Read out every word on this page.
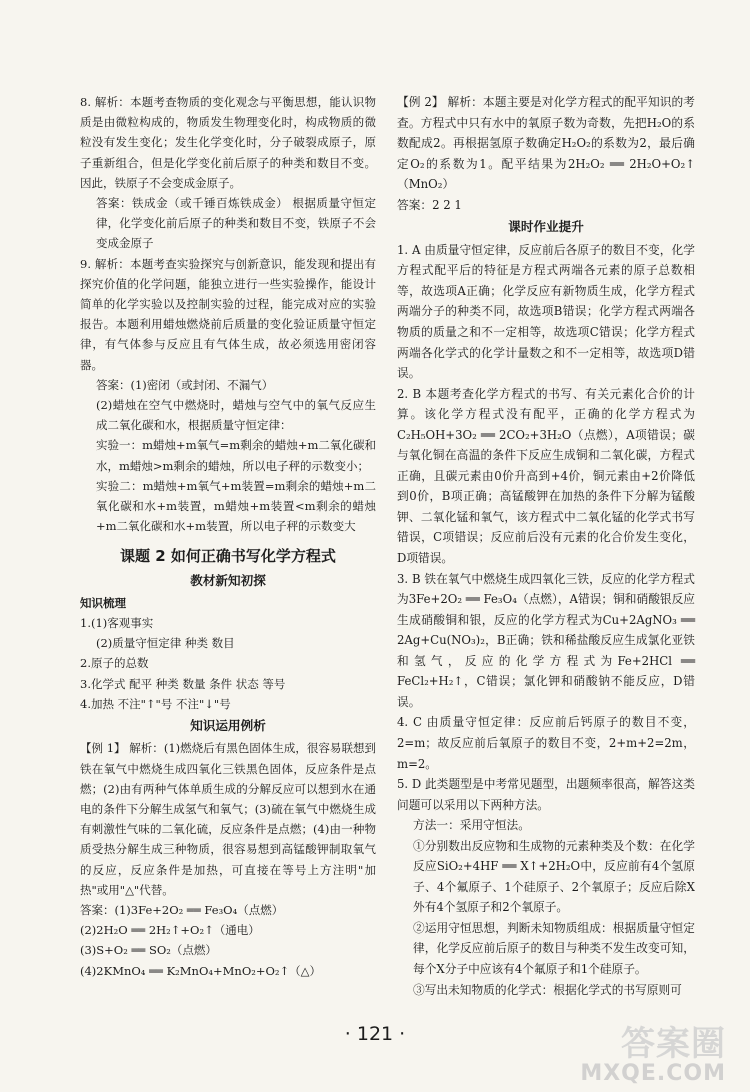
8. 解析：本题考查物质的变化观念与平衡思想，能认识物质是由微粒构成的，物质发生物理变化时，构成物质的微粒没有发生变化；发生化学变化时，分子破裂成原子，原子重新组合，但是化学变化前后原子的种类和数目不变。因此，铁原子不会变成金原子。
答案：铁成金（或千锤百炼铁成金） 根据质量守恒定律，化学变化前后原子的种类和数目不变，铁原子不会变成金原子
9. 解析：本题考查实验探究与创新意识，能发现和提出有探究价值的化学问题，能独立进行一些实验操作，能设计简单的化学实验以及控制实验的过程，能完成对应的实验报告。本题利用蜡烛燃烧前后质量的变化验证质量守恒定律，有气体参与反应且有气体生成，故必须选用密闭容器。
答案：(1)密闭（或封闭、不漏气）
(2)蜡烛在空气中燃烧时，蜡烛与空气中的氧气反应生成二氧化碳和水，根据质量守恒定律：
实验一：m蜡烛+m氧气=m剩余的蜡烛+m二氧化碳和水，m蜡烛>m剩余的蜡烛，所以电子秤的示数变小；
实验二：m蜡烛+m氧气+m装置=m剩余的蜡烛+m二氧化碳和水+m装置，m蜡烛+m装置<m剩余的蜡烛+m二氧化碳和水+m装置，所以电子秤的示数变大
课题 2 如何正确书写化学方程式
教材新知初探
知识梳理
1.(1)客观事实
(2)质量守恒定律 种类 数目
2.原子的总数
3.化学式 配平 种类 数量 条件 状态 等号
4.加热 不注"↑"号 不注"↓"号
知识运用例析
【例 1】 解析：(1)燃烧后有黑色固体生成，很容易联想到铁在氧气中燃烧生成四氧化三铁黑色固体，反应条件是点燃；(2)由有两种气体单质生成的分解反应可以想到水在通电的条件下分解生成氢气和氧气；(3)硫在氧气中燃烧生成有刺激性气味的二氧化硫，反应条件是点燃；(4)由一种物质受热分解生成三种物质，很容易想到高锰酸钾制取氧气的反应，反应条件是加热，可直接在等号上方注明"加热"或用"△"代替。
答案：(1)3Fe+2O₂ ══ Fe₃O₄（点燃）
(2)2H₂O ══ 2H₂↑+O₂↑（通电）
(3)S+O₂ ══ SO₂（点燃）
(4)2KMnO₄ ══ K₂MnO₄+MnO₂+O₂↑（△）
【例 2】 解析：本题主要是对化学方程式的配平知识的考查。方程式中只有水中的氧原子数为奇数，先把H₂O的系数配成2。再根据氢原子数确定H₂O₂的系数为2，最后确定O₂的系数为1。配平结果为2H₂O₂ ══ 2H₂O+O₂↑（MnO₂）
答案：2 2 1
课时作业提升
1. A 由质量守恒定律，反应前后各原子的数目不变，化学方程式配平后的特征是方程式两端各元素的原子总数相等，故选项A正确；化学反应有新物质生成，化学方程式两端分子的种类不同，故选项B错误；化学方程式两端各物质的质量之和不一定相等，故选项C错误；化学方程式两端各化学式的化学计量数之和不一定相等，故选项D错误。
2. B 本题考查化学方程式的书写、有关元素化合价的计算。该化学方程式没有配平，正确的化学方程式为C₂H₅OH+3O₂ ══ 2CO₂+3H₂O（点燃），A项错误；碳与氧化铜在高温的条件下反应生成铜和二氧化碳，方程式正确，且碳元素由0价升高到+4价，铜元素由+2价降低到0价，B项正确；高锰酸钾在加热的条件下分解为锰酸钾、二氧化锰和氧气，该方程式中二氧化锰的化学式书写错误，C项错误；反应前后没有元素的化合价发生变化，D项错误。
3. B 铁在氧气中燃烧生成四氧化三铁，反应的化学方程式为3Fe+2O₂ ══ Fe₃O₄（点燃），A错误；铜和硝酸银反应生成硝酸铜和银，反应的化学方程式为Cu+2AgNO₃ ══ 2Ag+Cu(NO₃)₂，B正确；铁和稀盐酸反应生成氯化亚铁和氢气，反应的化学方程式为Fe+2HCl ══ FeCl₂+H₂↑，C错误；氯化钾和硝酸钠不能反应，D错误。
4. C 由质量守恒定律：反应前后钙原子的数目不变，2=m；故反应前后氧原子的数目不变，2+m+2=2m，m=2。
5. D 此类题型是中考常见题型，出题频率很高，解答这类问题可以采用以下两种方法。
方法一：采用守恒法。
①分别数出反应物和生成物的元素种类及个数：在化学反应SiO₂+4HF ══ X↑+2H₂O中，反应前有4个氢原子、4个氟原子、1个硅原子、2个氧原子；反应后除X外有4个氢原子和2个氧原子。
②运用守恒思想，判断未知物质组成：根据质量守恒定律，化学反应前后原子的数目与种类不发生改变可知，每个X分子中应该有4个氟原子和1个硅原子。
③写出未知物质的化学式：根据化学式的书写原则可
· 121 ·	答案圈
MXQE.COM
